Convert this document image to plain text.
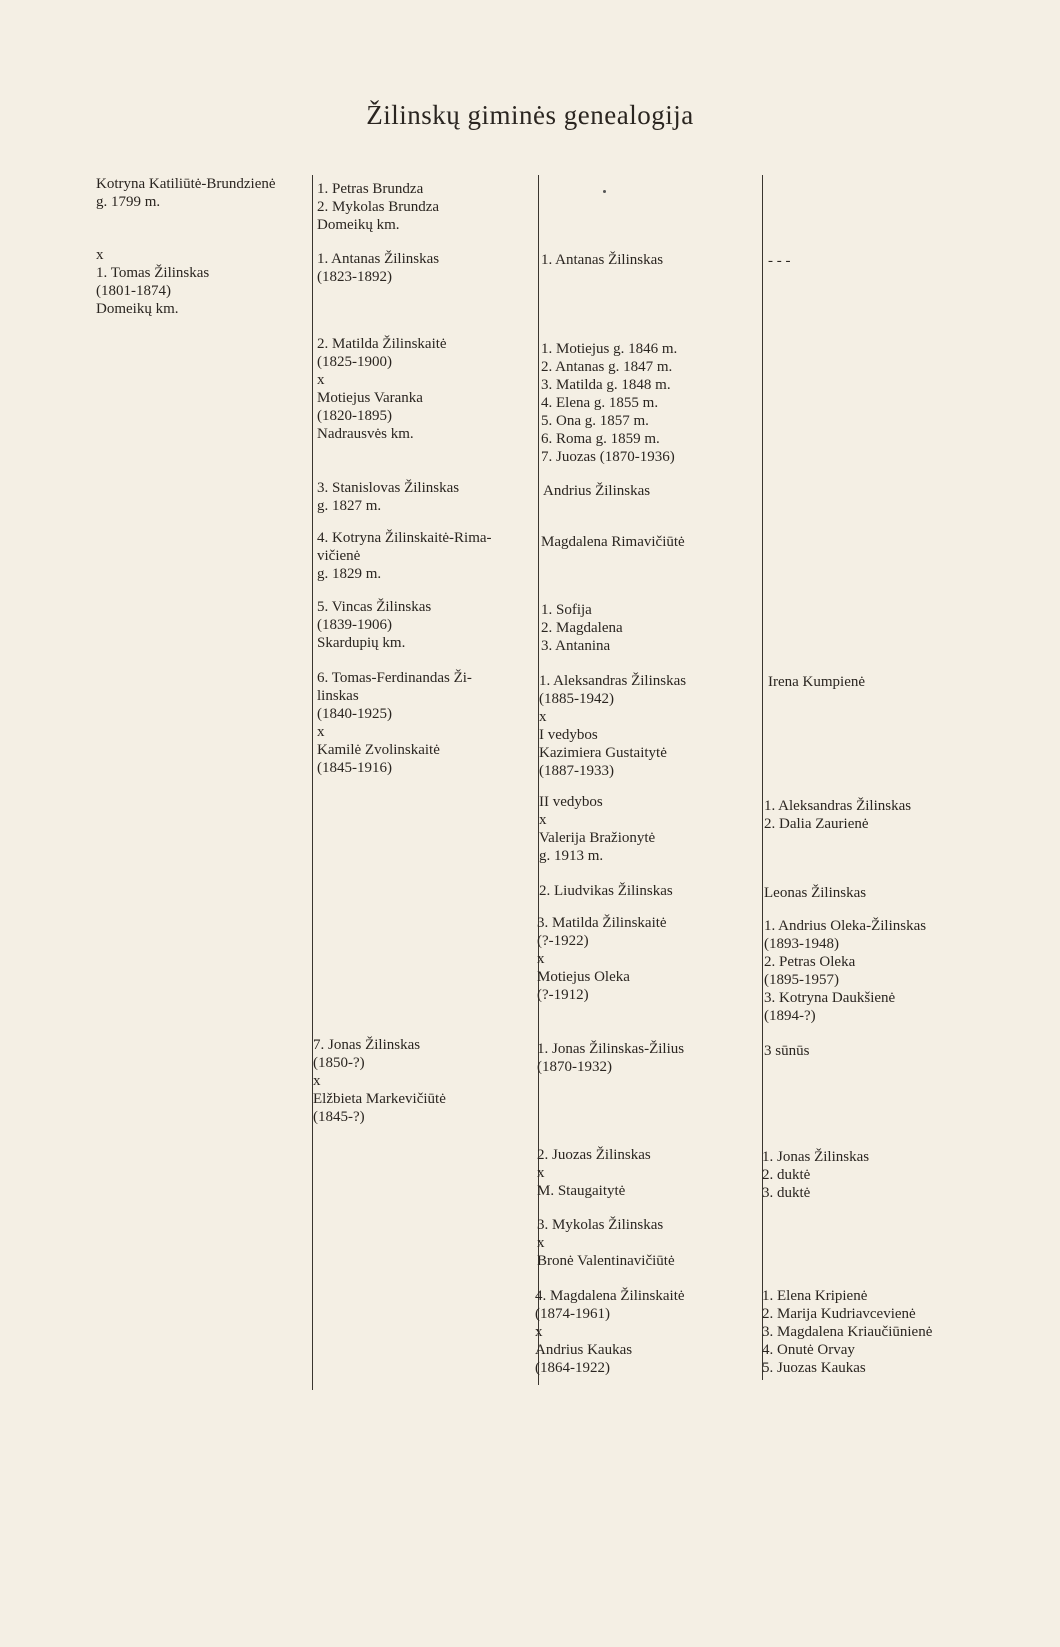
Žilinskų giminės genealogija
Kotryna Katiliūtė-Brundzienė
g. 1799 m.
x
1. Tomas Žilinskas
(1801-1874)
Domeikų km.
1. Petras Brundza
2. Mykolas Brundza
Domeikų km.
1. Antanas Žilinskas
(1823-1892)
2. Matilda Žilinskaitė
(1825-1900)
x
Motiejus Varanka
(1820-1895)
Nadrausvės km.
3. Stanislovas Žilinskas
g. 1827 m.
4. Kotryna Žilinskaitė-Rima-
vičienė
g. 1829 m.
5. Vincas Žilinskas
(1839-1906)
Skardupių km.
6. Tomas-Ferdinandas Ži-
linskas
(1840-1925)
x
Kamilė Zvolinskaitė
(1845-1916)
7. Jonas Žilinskas
(1850-?)
x
Elžbieta Markevičiūtė
(1845-?)
1. Antanas Žilinskas
1. Motiejus g. 1846 m.
2. Antanas g. 1847 m.
3. Matilda g. 1848 m.
4. Elena g. 1855 m.
5. Ona g. 1857 m.
6. Roma g. 1859 m.
7. Juozas (1870-1936)
Andrius Žilinskas
Magdalena Rimavičiūtė
1. Sofija
2. Magdalena
3. Antanina
1. Aleksandras Žilinskas
(1885-1942)
x
I vedybos
Kazimiera Gustaitytė
(1887-1933)
II vedybos
x
Valerija Bražionytė
g. 1913 m.
2. Liudvikas Žilinskas
3. Matilda Žilinskaitė
(?-1922)
x
Motiejus Oleka
(?-1912)
1. Jonas Žilinskas-Žilius
(1870-1932)
2. Juozas Žilinskas
x
M. Staugaitytė
3. Mykolas Žilinskas
x
Bronė Valentinavičiūtė
4. Magdalena Žilinskaitė
(1874-1961)
x
Andrius Kaukas
(1864-1922)
- - -
Irena Kumpienė
1. Aleksandras Žilinskas
2. Dalia Zaurienė
Leonas Žilinskas
1. Andrius Oleka-Žilinskas
(1893-1948)
2. Petras Oleka
(1895-1957)
3. Kotryna Daukšienė
(1894-?)
3 sūnūs
1. Jonas Žilinskas
2. duktė
3. duktė
1. Elena Kripienė
2. Marija Kudriavcevienė
3. Magdalena Kriaučiūnienė
4. Onutė Orvay
5. Juozas Kaukas
